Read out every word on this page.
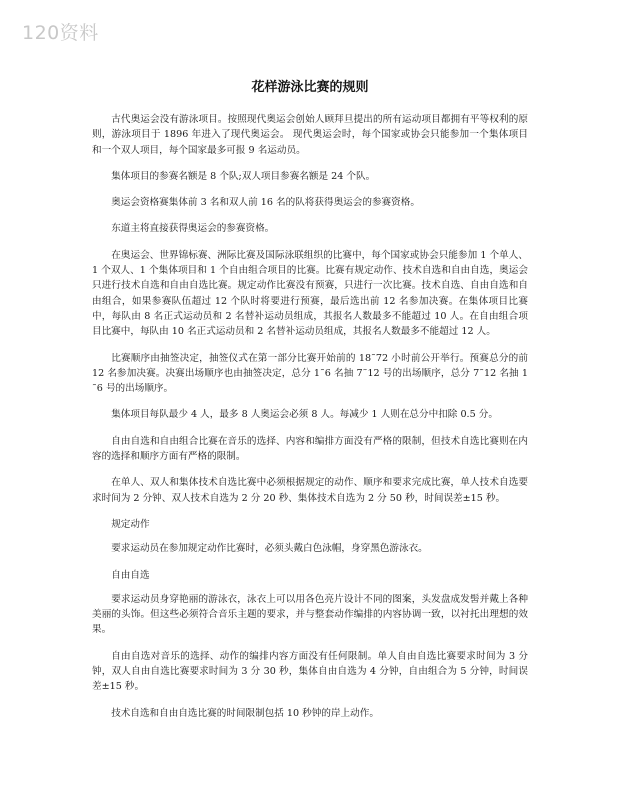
120资料
花样游泳比赛的规则

古代奥运会没有游泳项目。按照现代奥运会创始人顾拜旦提出的所有运动项目都拥有平等权利的原则，游泳项目于 1896 年进入了现代奥运会。 现代奥运会时，每个国家或协会只能参加一个集体项目和一个双人项目，每个国家最多可报 9 名运动员。

集体项目的参赛名额是 8 个队;双人项目参赛名额是 24 个队。

奥运会资格赛集体前 3 名和双人前 16 名的队将获得奥运会的参赛资格。

东道主将直接获得奥运会的参赛资格。

在奥运会、世界锦标赛、洲际比赛及国际泳联组织的比赛中，每个国家或协会只能参加 1 个单人、1 个双人、1 个集体项目和 1 个自由组合项目的比赛。比赛有规定动作、技术自选和自由自选，奥运会只进行技术自选和自由自选比赛。规定动作比赛没有预赛，只进行一次比赛。技术自选、自由自选和自由组合，如果参赛队伍超过 12 个队时将要进行预赛，最后选出前 12 名参加决赛。在集体项目比赛中，每队由 8 名正式运动员和 2 名替补运动员组成，其报名人数最多不能超过 10 人。在自由组合项目比赛中，每队由 10 名正式运动员和 2 名替补运动员组成，其报名人数最多不能超过 12 人。

比赛顺序由抽签决定，抽签仪式在第一部分比赛开始前的 18˜72 小时前公开举行。预赛总分的前 12 名参加决赛。决赛出场顺序也由抽签决定，总分 1˜6 名抽 7˜12 号的出场顺序，总分 7˜12 名抽 1˜6 号的出场顺序。

集体项目每队最少 4 人，最多 8 人奥运会必须 8 人。每减少 1 人则在总分中扣除 0.5 分。

自由自选和自由组合比赛在音乐的选择、内容和编排方面没有严格的限制，但技术自选比赛则在内容的选择和顺序方面有严格的限制。

在单人、双人和集体技术自选比赛中必须根据规定的动作、顺序和要求完成比赛，单人技术自选要求时间为 2 分钟、双人技术自选为 2 分 20 秒、集体技术自选为 2 分 50 秒，时间误差±15 秒。

规定动作

要求运动员在参加规定动作比赛时，必须头戴白色泳帽，身穿黑色游泳衣。

自由自选

要求运动员身穿艳丽的游泳衣，泳衣上可以用各色亮片设计不同的图案，头发盘成发髻并戴上各种美丽的头饰。但这些必须符合音乐主题的要求，并与整套动作编排的内容协调一致，以衬托出理想的效果。

自由自选对音乐的选择、动作的编排内容方面没有任何限制。单人自由自选比赛要求时间为 3 分钟，双人自由自选比赛要求时间为 3 分 30 秒，集体自由自选为 4 分钟，自由组合为 5 分钟，时间误差±15 秒。

技术自选和自由自选比赛的时间限制包括 10 秒钟的岸上动作。
